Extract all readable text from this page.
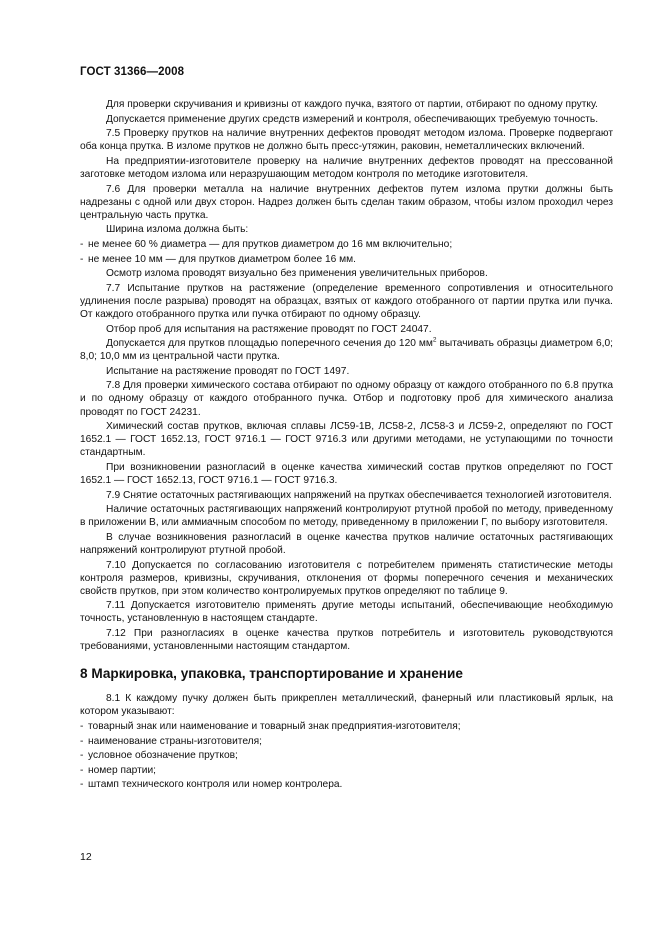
ГОСТ 31366—2008

Для проверки скручивания и кривизны от каждого пучка, взятого от партии, отбирают по одному прутку.

Допускается применение других средств измерений и контроля, обеспечивающих требуемую точность.

7.5 Проверку прутков на наличие внутренних дефектов проводят методом излома. Проверке подвергают оба конца прутка. В изломе прутков не должно быть пресс-утяжин, раковин, неметаллических включений.

На предприятии-изготовителе проверку на наличие внутренних дефектов проводят на прессованной заготовке методом излома или неразрушающим методом контроля по методике изготовителя.

7.6 Для проверки металла на наличие внутренних дефектов путем излома прутки должны быть надрезаны с одной или двух сторон. Надрез должен быть сделан таким образом, чтобы излом проходил через центральную часть прутка.

Ширина излома должна быть:

- не менее 60 % диаметра — для прутков диаметром до 16 мм включительно;

- не менее 10 мм — для прутков диаметром более 16 мм.

Осмотр излома проводят визуально без применения увеличительных приборов.

7.7 Испытание прутков на растяжение (определение временного сопротивления и относительного удлинения после разрыва) проводят на образцах, взятых от каждого отобранного от партии прутка или пучка. От каждого отобранного прутка или пучка отбирают по одному образцу.

Отбор проб для испытания на растяжение проводят по ГОСТ 24047.

Допускается для прутков площадью поперечного сечения до 120 $мм^2$ вытачивать образцы диаметром 6,0; 8,0; 10,0 мм из центральной части прутка.

Испытание на растяжение проводят по ГОСТ 1497.

7.8 Для проверки химического состава отбирают по одному образцу от каждого отобранного по 6.8 прутка и по одному образцу от каждого отобранного пучка. Отбор и подготовку проб для химического анализа проводят по ГОСТ 24231.

Химический состав прутков, включая сплавы ЛС59-1В, ЛС58-2, ЛС58-3 и ЛС59-2, определяют по ГОСТ 1652.1 — ГОСТ 1652.13, ГОСТ 9716.1 — ГОСТ 9716.3 или другими методами, не уступающими по точности стандартным.

При возникновении разногласий в оценке качества химический состав прутков определяют по ГОСТ 1652.1 — ГОСТ 1652.13, ГОСТ 9716.1 — ГОСТ 9716.3.

7.9 Снятие остаточных растягивающих напряжений на прутках обеспечивается технологией изготовителя.

Наличие остаточных растягивающих напряжений контролируют ртутной пробой по методу, приведенному в приложении В, или аммиачным способом по методу, приведенному в приложении Г, по выбору изготовителя.

В случае возникновения разногласий в оценке качества прутков наличие остаточных растягивающих напряжений контролируют ртутной пробой.

7.10 Допускается по согласованию изготовителя с потребителем применять статистические методы контроля размеров, кривизны, скручивания, отклонения от формы поперечного сечения и механических свойств прутков, при этом количество контролируемых прутков определяют по таблице 9.

7.11 Допускается изготовителю применять другие методы испытаний, обеспечивающие необходимую точность, установленную в настоящем стандарте.

7.12 При разногласиях в оценке качества прутков потребитель и изготовитель руководствуются требованиями, установленными настоящим стандартом.

8 Маркировка, упаковка, транспортирование и хранение

8.1 К каждому пучку должен быть прикреплен металлический, фанерный или пластиковый ярлык, на котором указывают:

- товарный знак или наименование и товарный знак предприятия-изготовителя;

- наименование страны-изготовителя;

- условное обозначение прутков;

- номер партии;

- штамп технического контроля или номер контролера.

12
